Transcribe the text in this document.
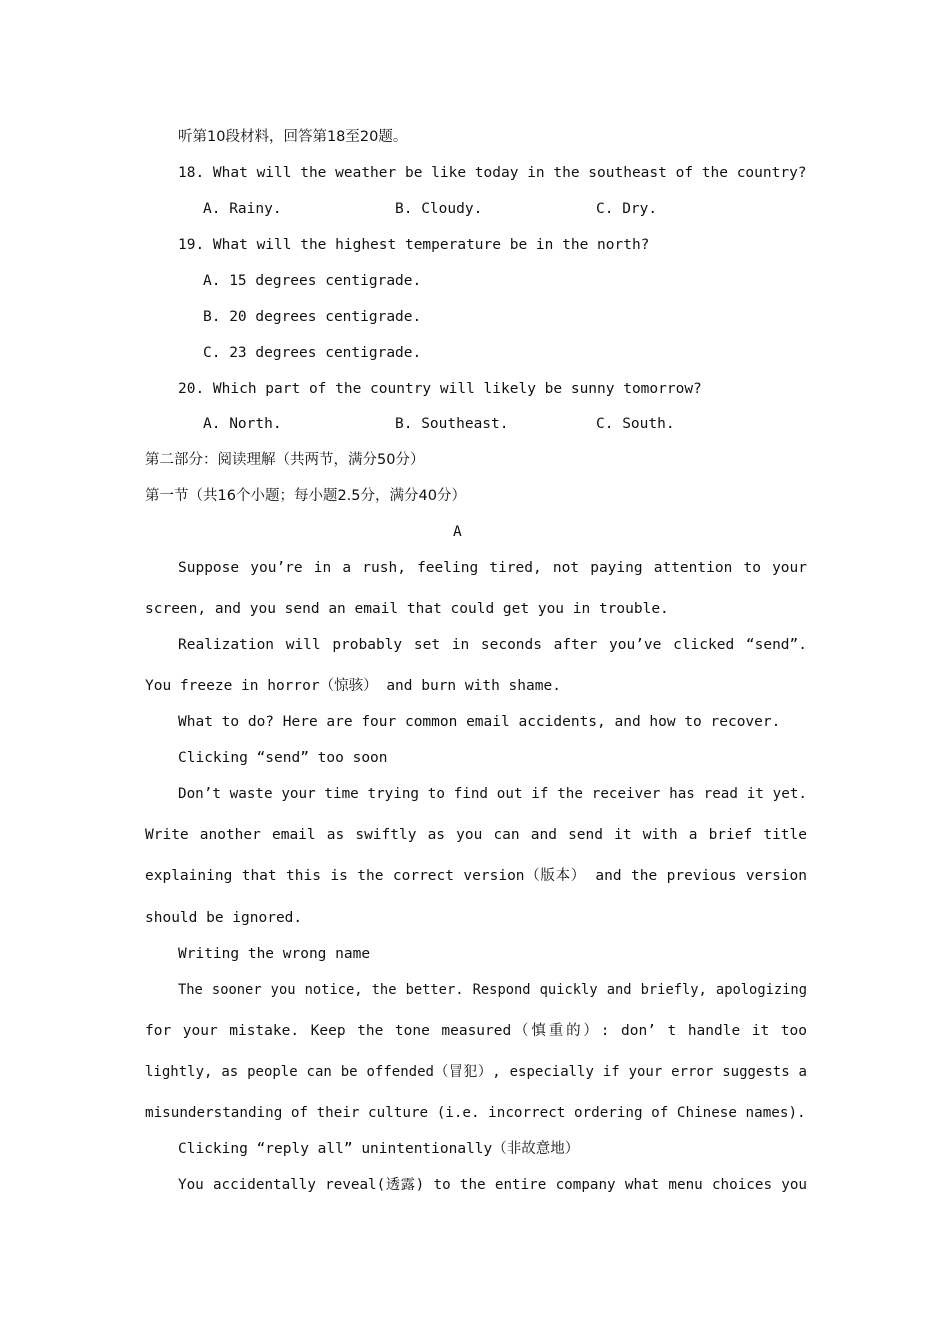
听第10段材料，回答第18至20题。
18. What will the weather be like today in the southeast of the country?
A. Rainy.	B. Cloudy.	C. Dry.
19. What will the highest temperature be in the north?
A. 15 degrees centigrade.
B. 20 degrees centigrade.
C. 23 degrees centigrade.
20. Which part of the country will likely be sunny tomorrow?
A. North.	B. Southeast.	C. South.
第二部分：阅读理解（共两节，满分50分）
第一节（共16个小题；每小题2.5分，满分40分）
A
Suppose you’re in a rush, feeling tired, not paying attention to your
screen, and you send an email that could get you in trouble.
Realization will probably set in seconds after you’ve clicked “send”.
You freeze in horror（惊骇） and burn with shame.
What to do? Here are four common email accidents, and how to recover.
Clicking “send” too soon
Don’t waste your time trying to find out if the receiver has read it yet.
Write another email as swiftly as you can and send it with a brief title
explaining that this is the correct version（版本） and the previous version
should be ignored.
Writing the wrong name
The sooner you notice, the better. Respond quickly and briefly, apologizing
for your mistake. Keep the tone measured（慎重的）: don’ t handle it too
lightly, as people can be offended（冒犯）, especially if your error suggests a
misunderstanding of their culture (i.e. incorrect ordering of Chinese names).
Clicking “reply all” unintentionally（非故意地）
You accidentally reveal(透露) to the entire company what menu choices you
